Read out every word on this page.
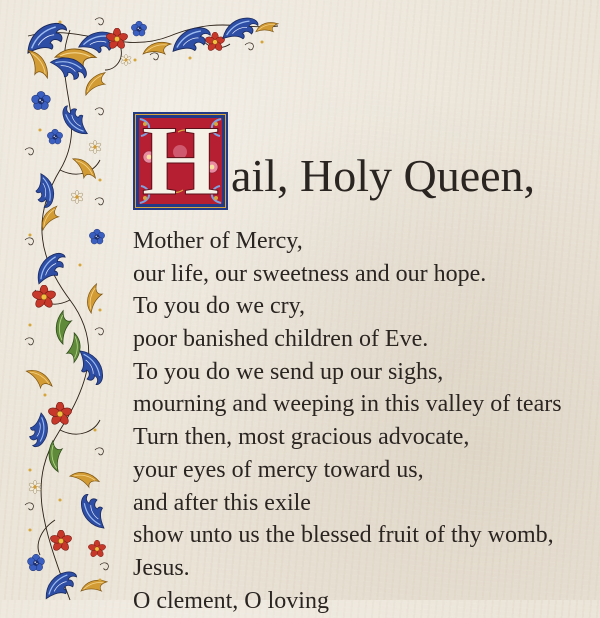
H ail, Holy Queen,
Mother of Mercy,
our life, our sweetness and our hope.
To you do we cry,
poor banished children of Eve.
To you do we send up our sighs,
mourning and weeping in this valley of tears
Turn then, most gracious advocate,
your eyes of mercy toward us,
and after this exile
show unto us the blessed fruit of thy womb,
Jesus.
O clement, O loving
